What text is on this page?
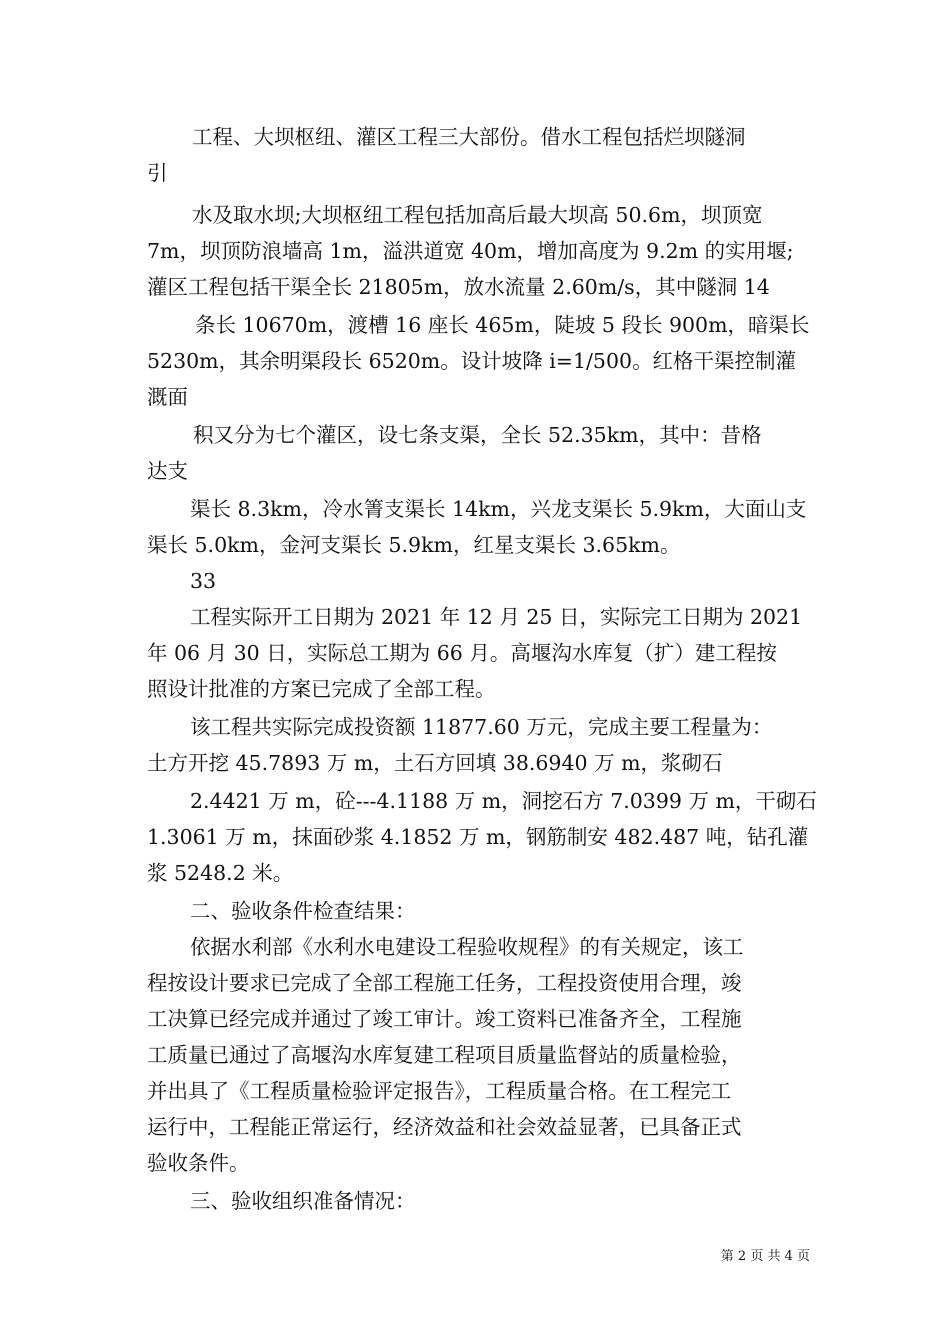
工程、大坝枢纽、灌区工程三大部份。借水工程包括烂坝隧洞
引
水及取水坝;大坝枢纽工程包括加高后最大坝高 50.6m，坝顶宽
7m，坝顶防浪墙高 1m，溢洪道宽 40m，增加高度为 9.2m 的实用堰;
灌区工程包括干渠全长 21805m，放水流量 2.60m/s，其中隧洞 14
条长 10670m，渡槽 16 座长 465m，陡坡 5 段长 900m，暗渠长
5230m，其余明渠段长 6520m。设计坡降 i=1/500。红格干渠控制灌
溉面
积又分为七个灌区，设七条支渠，全长 52.35km，其中：昔格
达支
渠长 8.3km，冷水箐支渠长 14km，兴龙支渠长 5.9km，大面山支
渠长 5.0km，金河支渠长 5.9km，红星支渠长 3.65km。
33
工程实际开工日期为 2021 年 12 月 25 日，实际完工日期为 2021
年 06 月 30 日，实际总工期为 66 月。高堰沟水库复（扩）建工程按
照设计批准的方案已完成了全部工程。
该工程共实际完成投资额 11877.60 万元，完成主要工程量为：
土方开挖 45.7893 万 m，土石方回填 38.6940 万 m，浆砌石
2.4421 万 m，砼---4.1188 万 m，洞挖石方 7.0399 万 m，干砌石
1.3061 万 m，抹面砂浆 4.1852 万 m，钢筋制安 482.487 吨，钻孔灌
浆 5248.2 米。
二、验收条件检查结果：
依据水利部《水利水电建设工程验收规程》的有关规定，该工
程按设计要求已完成了全部工程施工任务，工程投资使用合理，竣
工决算已经完成并通过了竣工审计。竣工资料已准备齐全，工程施
工质量已通过了高堰沟水库复建工程项目质量监督站的质量检验，
并出具了《工程质量检验评定报告》，工程质量合格。在工程完工
运行中，工程能正常运行，经济效益和社会效益显著，已具备正式
验收条件。
三、验收组织准备情况：
第 2 页 共 4 页
